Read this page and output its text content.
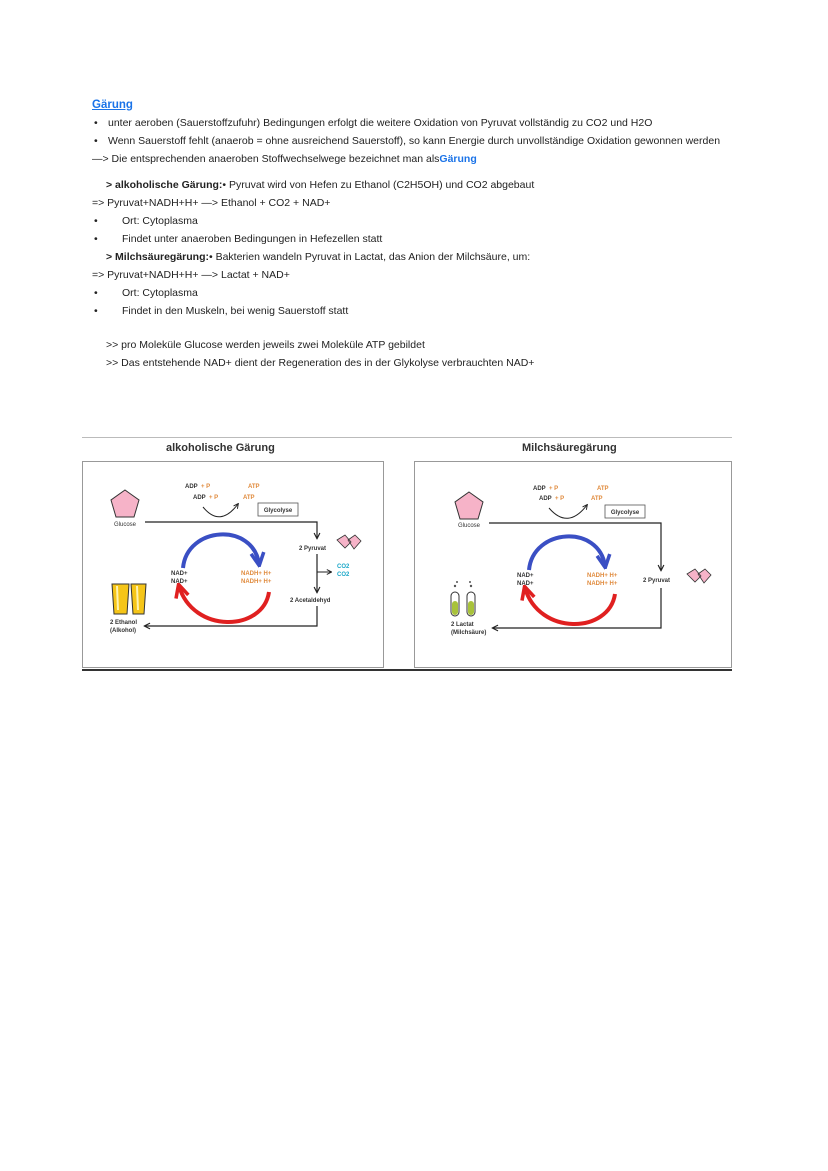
Gärung
• unter aeroben (Sauerstoffzufuhr) Bedingungen erfolgt die weitere Oxidation von Pyruvat vollständig zu CO2 und H2O
• Wenn Sauerstoff fehlt (anaerob = ohne ausreichend Sauerstoff), so kann Energie durch unvollständige Oxidation gewonnen werden
—> Die entsprechenden anaeroben Stoffwechselwege bezeichnet man als Gärung
> alkoholische Gärung: • Pyruvat wird von Hefen zu Ethanol (C2H5OH) und CO2 abgebaut
=> Pyruvat+NADH+H+ —> Ethanol + CO2 + NAD+
•	Ort: Cytoplasma
•	Findet unter anaeroben Bedingungen in Hefezellen statt
> Milchsäuregärung: • Bakterien wandeln Pyruvat in Lactat, das Anion der Milchsäure, um:
=> Pyruvat+NADH+H+ —> Lactat + NAD+
•	Ort: Cytoplasma
•	Findet in den Muskeln, bei wenig Sauerstoff statt
>> pro Moleküle Glucose werden jeweils zwei Moleküle ATP gebildet
>> Das entstehende NAD+ dient der Regeneration des in der Glykolyse verbrauchten NAD+
alkoholische Gärung	Milchsäuregärung
Glucose
ADP + P	ATP
ADP + P	ATP
Glycolyse
2 Pyruvat
CO2
CO2
2 Acetaldehyd
NAD+
NAD+
NADH+ H+
NADH+ H+
2 Ethanol
(Alkohol)
Glucose
ADP + P	ATP
ADP + P	ATP
Glycolyse
2 Pyruvat
NAD+
NAD+
NADH+ H+
NADH+ H+
2 Lactat
(Milchsäure)
